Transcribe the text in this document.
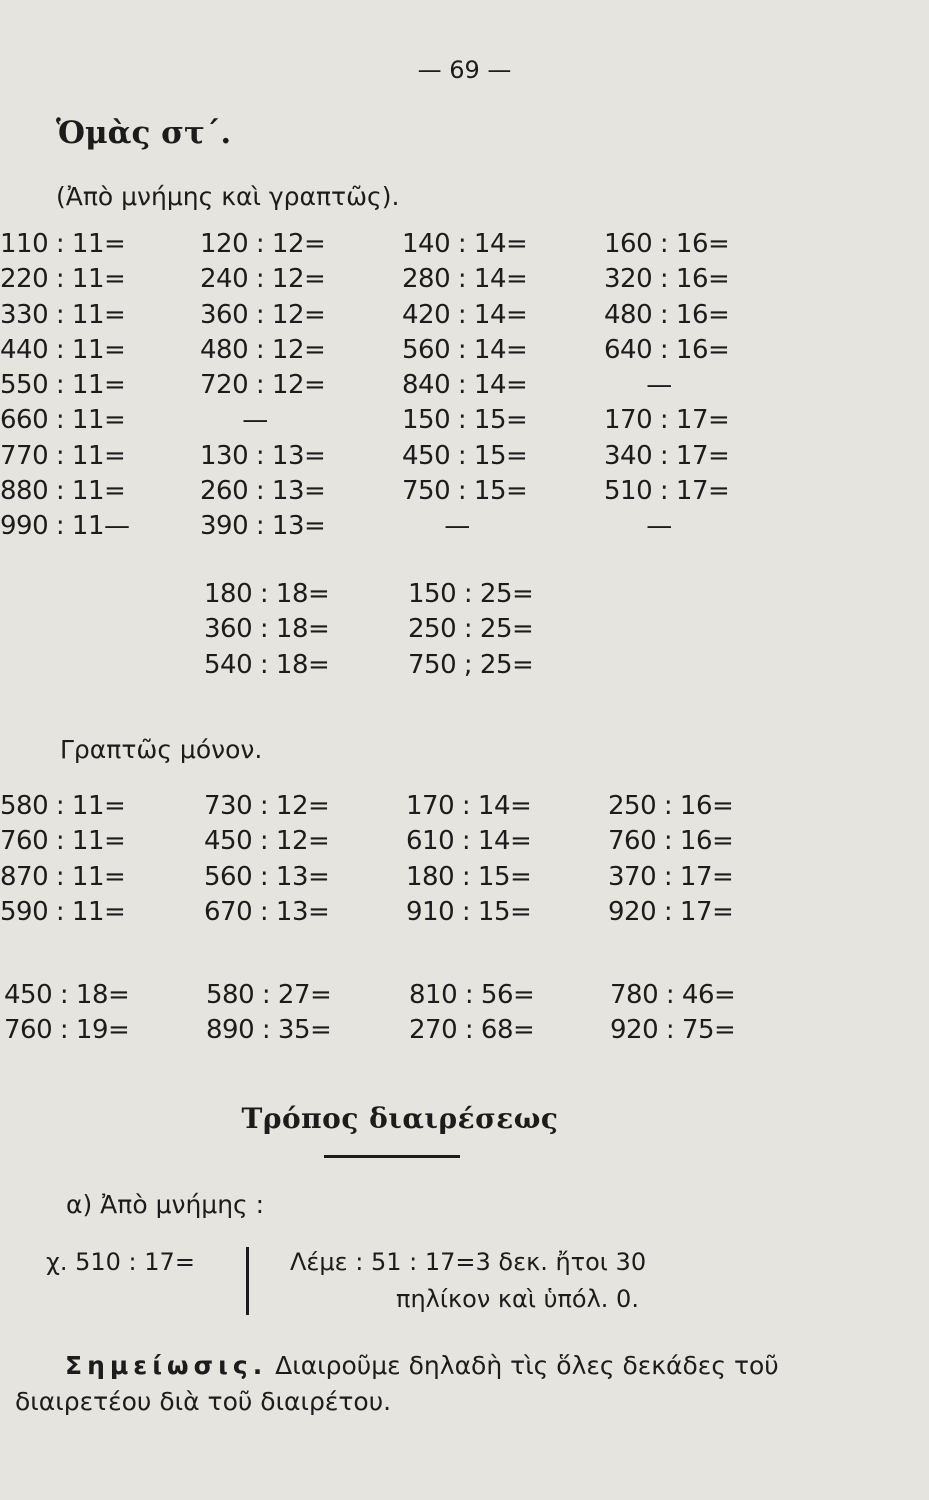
— 69 —
Ὁμὰς στ΄.
(Ἀπὸ μνήμης καὶ γραπτῶς).
110 : 11=
220 : 11=
330 : 11=
440 : 11=
550 : 11=
660 : 11=
770 : 11=
880 : 11=
990 : 11—
120 : 12=
240 : 12=
360 : 12=
480 : 12=
720 : 12=
—
130 : 13=
260 : 13=
390 : 13=
140 : 14=
280 : 14=
420 : 14=
560 : 14=
840 : 14=
150 : 15=
450 : 15=
750 : 15=
—
160 : 16=
320 : 16=
480 : 16=
640 : 16=
—
170 : 17=
340 : 17=
510 : 17=
—
180 : 18=
360 : 18=
540 : 18=
150 : 25=
250 : 25=
750 ; 25=
Γραπτῶς μόνον.
580 : 11=
760 : 11=
870 : 11=
590 : 11=
730 : 12=
450 : 12=
560 : 13=
670 : 13=
170 : 14=
610 : 14=
180 : 15=
910 : 15=
250 : 16=
760 : 16=
370 : 17=
920 : 17=
450 : 18=
760 : 19=
580 : 27=
890 : 35=
810 : 56=
270 : 68=
780 : 46=
920 : 75=
Τρόπος διαιρέσεως
α) Ἀπὸ μνήμης :
χ. 510 : 17=	Λέμε : 51 : 17=3 δεκ. ἤτοι 30
πηλίκον καὶ ὑπόλ. 0.
Σημείωσις. Διαιροῦμε δηλαδὴ τὶς ὅλες δεκάδες τοῦ διαιρετέου διὰ τοῦ διαιρέτου.
